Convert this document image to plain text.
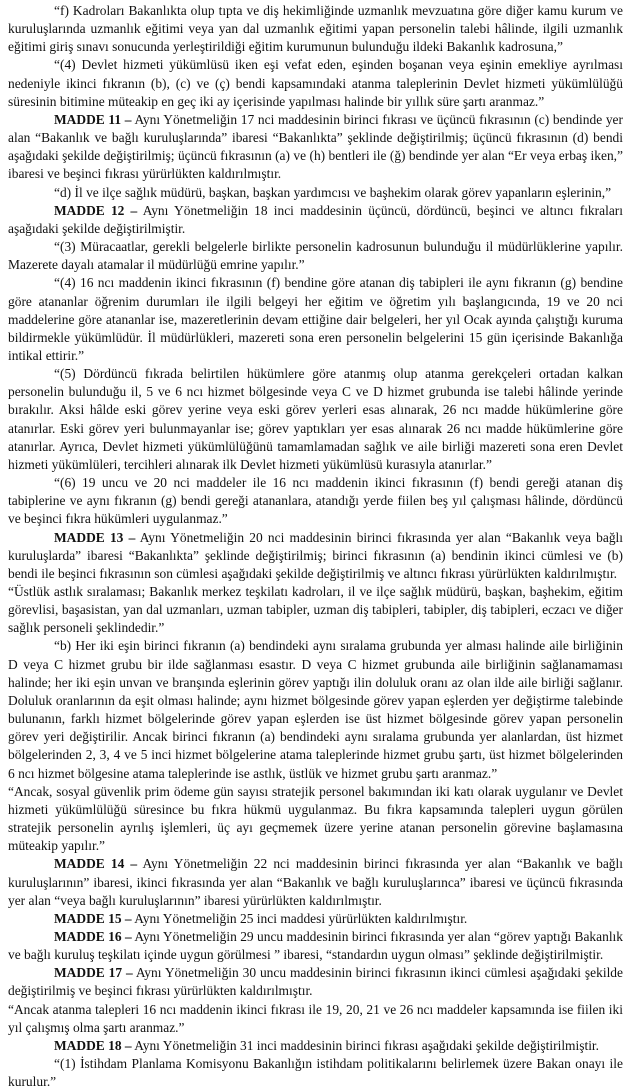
“f) Kadroları Bakanlıkta olup tıpta ve diş hekimliğinde uzmanlık mevzuatına göre diğer kamu kurum ve kuruluşlarında uzmanlık eğitimi veya yan dal uzmanlık eğitimi yapan personelin talebi hâlinde, ilgili uzmanlık eğitimi giriş sınavı sonucunda yerleştirildiği eğitim kurumunun bulunduğu ildeki Bakanlık kadrosuna,”

“(4) Devlet hizmeti yükümlüsü iken eşi vefat eden, eşinden boşanan veya eşinin emekliye ayrılması nedeniyle ikinci fıkranın (b), (c) ve (ç) bendi kapsamındaki atanma taleplerinin Devlet hizmeti yükümlülüğü süresinin bitimine müteakip en geç iki ay içerisinde yapılması halinde bir yıllık süre şartı aranmaz.”

MADDE 11 – Aynı Yönetmeliğin 17 nci maddesinin birinci fıkrası ve üçüncü fıkrasının (c) bendinde yer alan “Bakanlık ve bağlı kuruluşlarında” ibaresi “Bakanlıkta” şeklinde değiştirilmiş; üçüncü fıkrasının (d) bendi aşağıdaki şekilde değiştirilmiş; üçüncü fıkrasının (a) ve (h) bentleri ile (ğ) bendinde yer alan “Er veya erbaş iken,” ibaresi ve beşinci fıkrası yürürlükten kaldırılmıştır.

“d) İl ve ilçe sağlık müdürü, başkan, başkan yardımcısı ve başhekim olarak görev yapanların eşlerinin,”

MADDE 12 – Aynı Yönetmeliğin 18 inci maddesinin üçüncü, dördüncü, beşinci ve altıncı fıkraları aşağıdaki şekilde değiştirilmiştir.

“(3) Müracaatlar, gerekli belgelerle birlikte personelin kadrosunun bulunduğu il müdürlüklerine yapılır. Mazerete dayalı atamalar il müdürlüğü emrine yapılır.”

“(4) 16 ncı maddenin ikinci fıkrasının (f) bendine göre atanan diş tabipleri ile aynı fıkranın (g) bendine göre atananlar öğrenim durumları ile ilgili belgeyi her eğitim ve öğretim yılı başlangıcında, 19 ve 20 nci maddelerine göre atananlar ise, mazeretlerinin devam ettiğine dair belgeleri, her yıl Ocak ayında çalıştığı kuruma bildirmekle yükümlüdür. İl müdürlükleri, mazereti sona eren personelin belgelerini 15 gün içerisinde Bakanlığa intikal ettirir.”

“(5) Dördüncü fıkrada belirtilen hükümlere göre atanmış olup atanma gerekçeleri ortadan kalkan personelin bulunduğu il, 5 ve 6 ncı hizmet bölgesinde veya C ve D hizmet grubunda ise talebi hâlinde yerinde bırakılır. Aksi hâlde eski görev yerine veya eski görev yerleri esas alınarak, 26 ncı madde hükümlerine göre atanırlar. Eski görev yeri bulunmayanlar ise; görev yaptıkları yer esas alınarak 26 ncı madde hükümlerine göre atanırlar. Ayrıca, Devlet hizmeti yükümlülüğünü tamamlamadan sağlık ve aile birliği mazereti sona eren Devlet hizmeti yükümlüleri, tercihleri alınarak ilk Devlet hizmeti yükümlüsü kurasıyla atanırlar.”

“(6) 19 uncu ve 20 nci maddeler ile 16 ncı maddenin ikinci fıkrasının (f) bendi gereği atanan diş tabiplerine ve aynı fıkranın (g) bendi gereği atananlara, atandığı yerde fiilen beş yıl çalışması hâlinde, dördüncü ve beşinci fıkra hükümleri uygulanmaz.”

MADDE 13 – Aynı Yönetmeliğin 20 nci maddesinin birinci fıkrasında yer alan “Bakanlık veya bağlı kuruluşlarda” ibaresi “Bakanlıkta” şeklinde değiştirilmiş; birinci fıkrasının (a) bendinin ikinci cümlesi ve (b) bendi ile beşinci fıkrasının son cümlesi aşağıdaki şekilde değiştirilmiş ve altıncı fıkrası yürürlükten kaldırılmıştır.

“Üstlük astlık sıralaması; Bakanlık merkez teşkilatı kadroları, il ve ilçe sağlık müdürü, başkan, başhekim, eğitim görevlisi, başasistan, yan dal uzmanları, uzman tabipler, uzman diş tabipleri, tabipler, diş tabipleri, eczacı ve diğer sağlık personeli şeklindedir.”

“b) Her iki eşin birinci fıkranın (a) bendindeki aynı sıralama grubunda yer alması halinde aile birliğinin D veya C hizmet grubu bir ilde sağlanması esastır. D veya C hizmet grubunda aile birliğinin sağlanamaması halinde; her iki eşin unvan ve branşında eşlerinin görev yaptığı ilin doluluk oranı az olan ilde aile birliği sağlanır. Doluluk oranlarının da eşit olması halinde; aynı hizmet bölgesinde görev yapan eşlerden yer değiştirme talebinde bulunanın, farklı hizmet bölgelerinde görev yapan eşlerden ise üst hizmet bölgesinde görev yapan personelin görev yeri değiştirilir. Ancak birinci fıkranın (a) bendindeki aynı sıralama grubunda yer alanlardan, üst hizmet bölgelerinden 2, 3, 4 ve 5 inci hizmet bölgelerine atama taleplerinde hizmet grubu şartı, üst hizmet bölgelerinden 6 ncı hizmet bölgesine atama taleplerinde ise astlık, üstlük ve hizmet grubu şartı aranmaz.”

“Ancak, sosyal güvenlik prim ödeme gün sayısı stratejik personel bakımından iki katı olarak uygulanır ve Devlet hizmeti yükümlülüğü süresince bu fıkra hükmü uygulanmaz. Bu fıkra kapsamında talepleri uygun görülen stratejik personelin ayrılış işlemleri, üç ayı geçmemek üzere yerine atanan personelin görevine başlamasına müteakip yapılır.”

MADDE 14 – Aynı Yönetmeliğin 22 nci maddesinin birinci fıkrasında yer alan “Bakanlık ve bağlı kuruluşlarının” ibaresi, ikinci fıkrasında yer alan “Bakanlık ve bağlı kuruluşlarınca” ibaresi ve üçüncü fıkrasında yer alan “veya bağlı kuruluşlarının” ibaresi yürürlükten kaldırılmıştır.

MADDE 15 – Aynı Yönetmeliğin 25 inci maddesi yürürlükten kaldırılmıştır.

MADDE 16 – Aynı Yönetmeliğin 29 uncu maddesinin birinci fıkrasında yer alan “görev yaptığı Bakanlık ve bağlı kuruluş teşkilatı içinde uygun görülmesi ” ibaresi, “standardın uygun olması” şeklinde değiştirilmiştir.

MADDE 17 – Aynı Yönetmeliğin 30 uncu maddesinin birinci fıkrasının ikinci cümlesi aşağıdaki şekilde değiştirilmiş ve beşinci fıkrası yürürlükten kaldırılmıştır.

“Ancak atanma talepleri 16 ncı maddenin ikinci fıkrası ile 19, 20, 21 ve 26 ncı maddeler kapsamında ise fiilen iki yıl çalışmış olma şartı aranmaz.”

MADDE 18 – Aynı Yönetmeliğin 31 inci maddesinin birinci fıkrası aşağıdaki şekilde değiştirilmiştir.

“(1) İstihdam Planlama Komisyonu Bakanlığın istihdam politikalarını belirlemek üzere Bakan onayı ile kurulur.”
